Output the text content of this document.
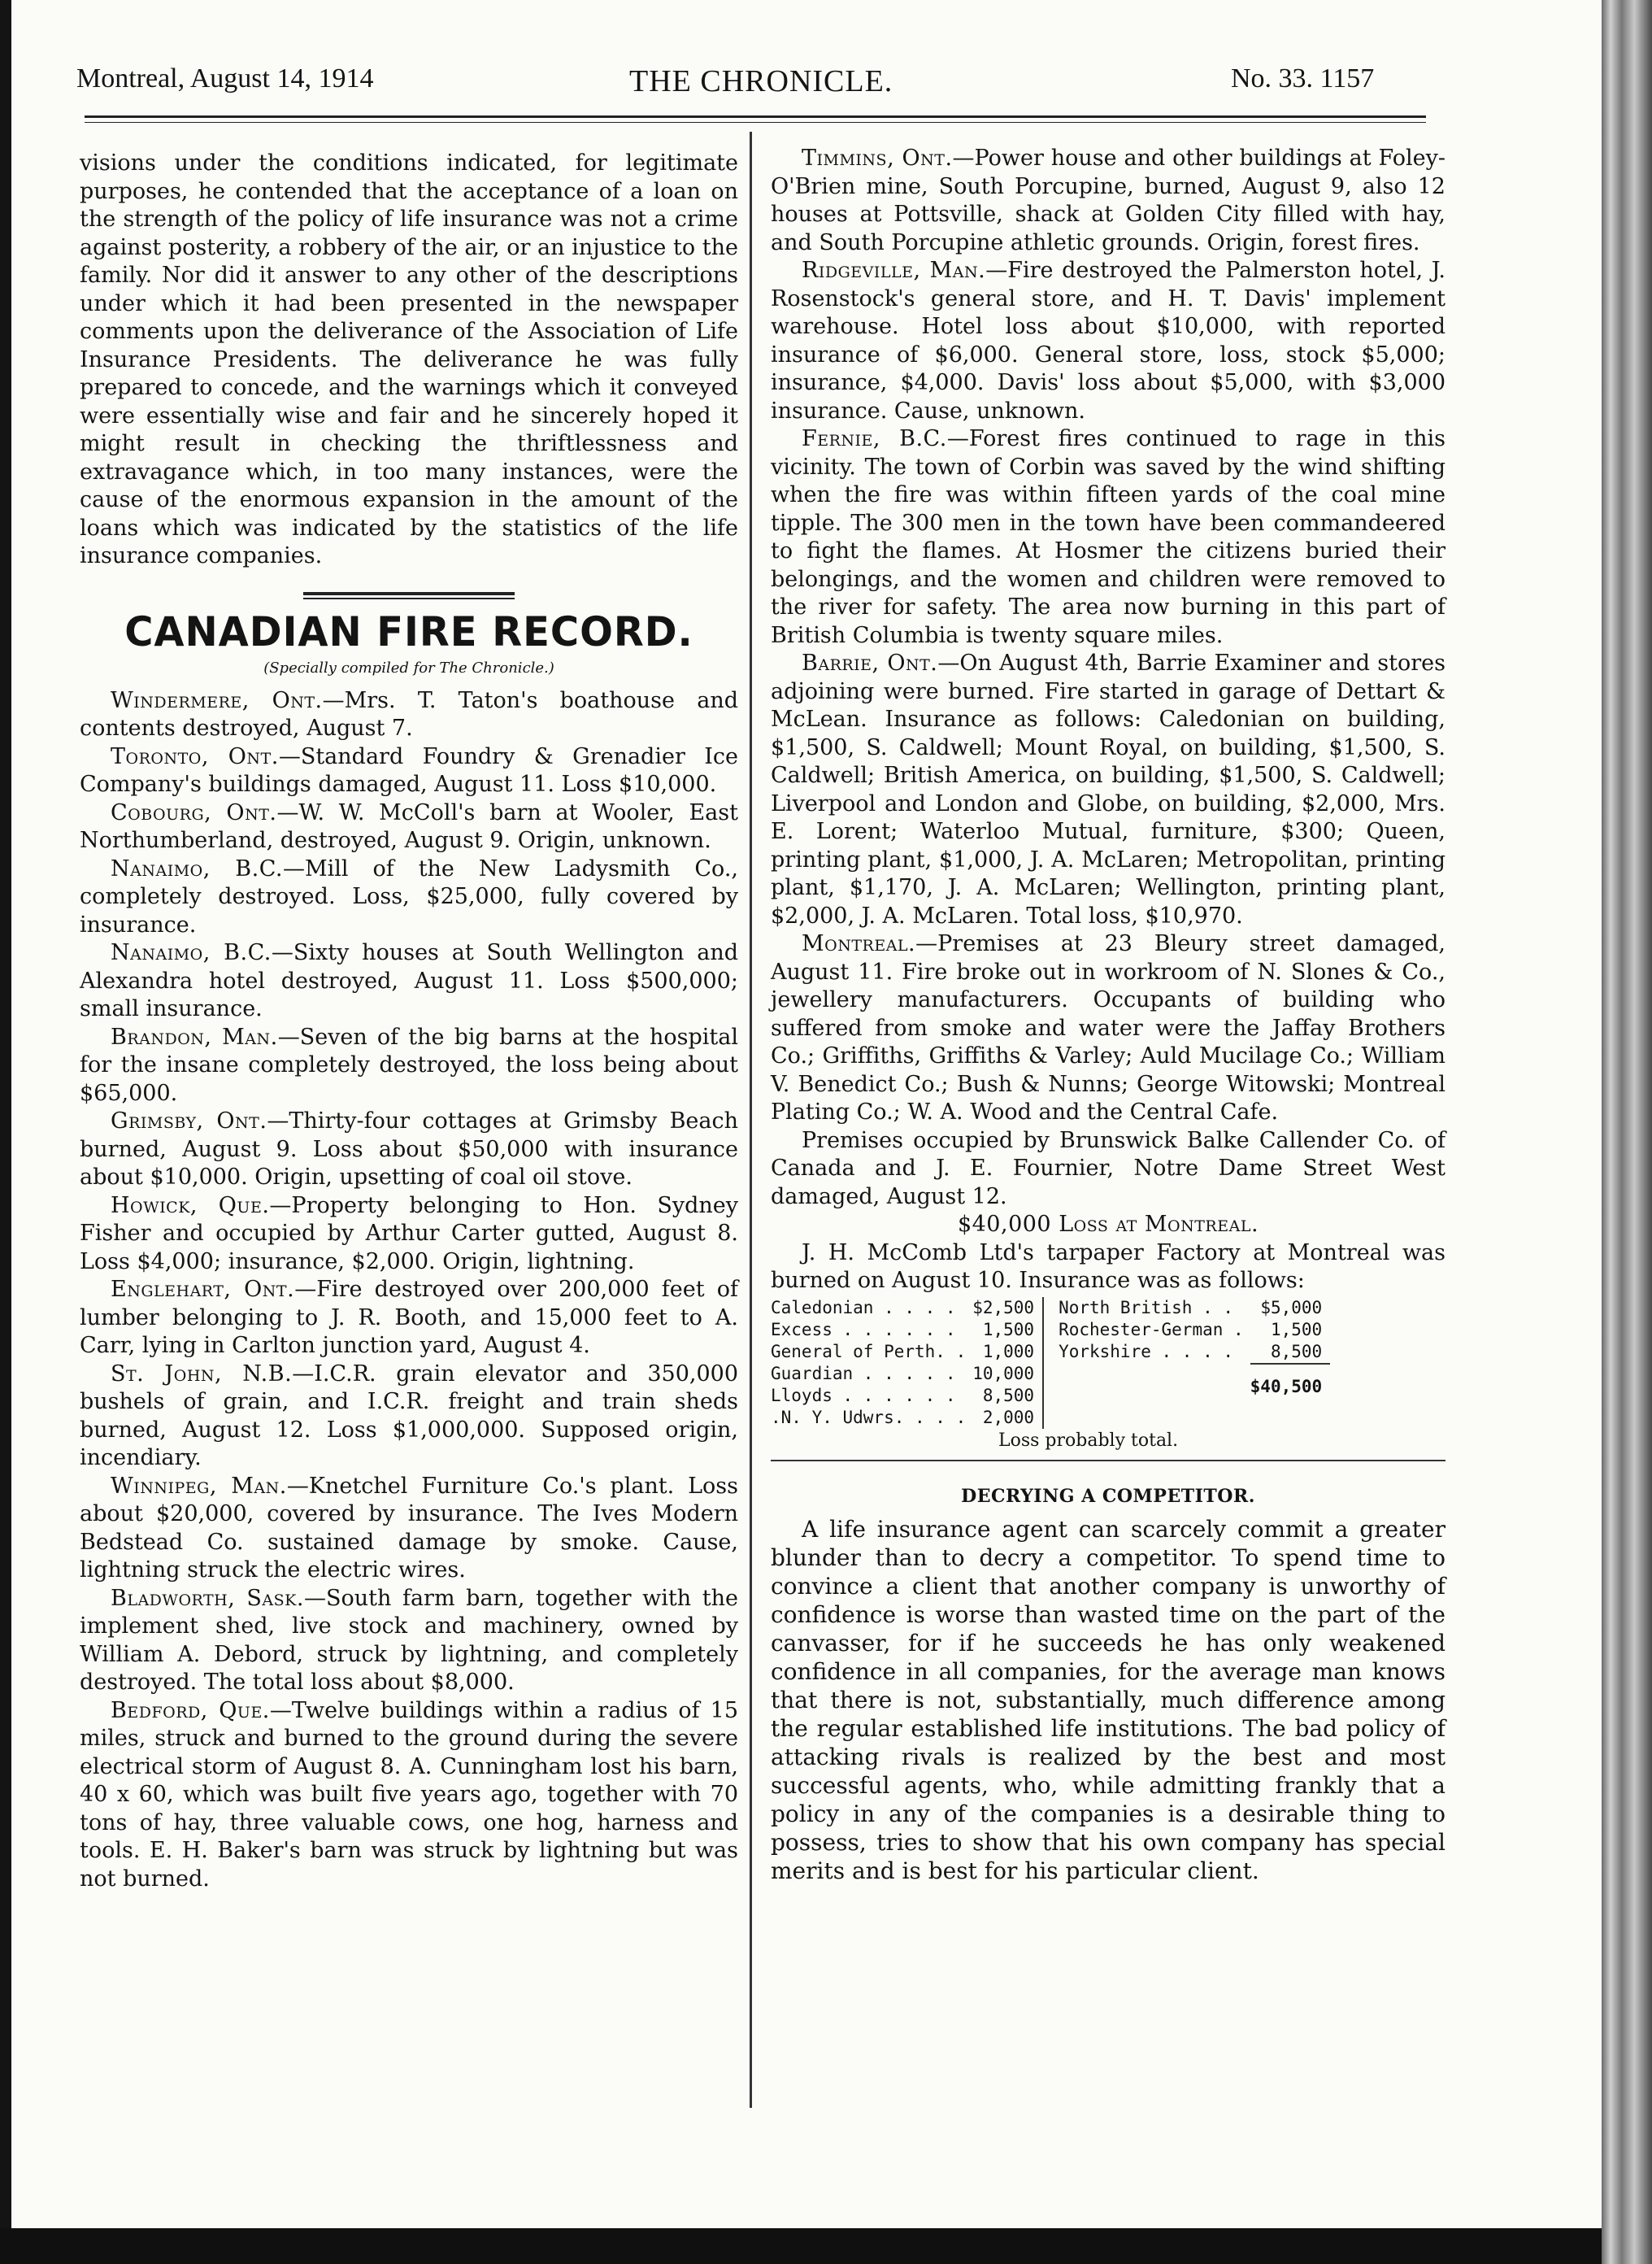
Montreal, August 14, 1914	THE CHRONICLE.	No. 33. 1157

visions under the conditions indicated, for legitimate purposes, he contended that the acceptance of a loan on the strength of the policy of life insurance was not a crime against posterity, a robbery of the air, or an injustice to the family. Nor did it answer to any other of the descriptions under which it had been presented in the newspaper comments upon the deliverance of the Association of Life Insurance Presidents. The deliverance he was fully prepared to concede, and the warnings which it conveyed were essentially wise and fair and he sincerely hoped it might result in checking the thriftlessness and extravagance which, in too many instances, were the cause of the enormous expansion in the amount of the loans which was indicated by the statistics of the life insurance companies.

CANADIAN FIRE RECORD.
(Specially compiled for The Chronicle.)

Windermere, Ont.—Mrs. T. Taton's boathouse and contents destroyed, August 7.

Toronto, Ont.—Standard Foundry & Grenadier Ice Company's buildings damaged, August 11. Loss $10,000.

Cobourg, Ont.—W. W. McColl's barn at Wooler, East Northumberland, destroyed, August 9. Origin, unknown.

Nanaimo, B.C.—Mill of the New Ladysmith Co., completely destroyed. Loss, $25,000, fully covered by insurance.

Nanaimo, B.C.—Sixty houses at South Wellington and Alexandra hotel destroyed, August 11. Loss $500,000; small insurance.

Brandon, Man.—Seven of the big barns at the hospital for the insane completely destroyed, the loss being about $65,000.

Grimsby, Ont.—Thirty-four cottages at Grimsby Beach burned, August 9. Loss about $50,000 with insurance about $10,000. Origin, upsetting of coal oil stove.

Howick, Que.—Property belonging to Hon. Sydney Fisher and occupied by Arthur Carter gutted, August 8. Loss $4,000; insurance, $2,000. Origin, lightning.

Englehart, Ont.—Fire destroyed over 200,000 feet of lumber belonging to J. R. Booth, and 15,000 feet to A. Carr, lying in Carlton junction yard, August 4.

St. John, N.B.—I.C.R. grain elevator and 350,000 bushels of grain, and I.C.R. freight and train sheds burned, August 12. Loss $1,000,000. Supposed origin, incendiary.

Winnipeg, Man.—Knetchel Furniture Co.'s plant. Loss about $20,000, covered by insurance. The Ives Modern Bedstead Co. sustained damage by smoke. Cause, lightning struck the electric wires.

Bladworth, Sask.—South farm barn, together with the implement shed, live stock and machinery, owned by William A. Debord, struck by lightning, and completely destroyed. The total loss about $8,000.

Bedford, Que.—Twelve buildings within a radius of 15 miles, struck and burned to the ground during the severe electrical storm of August 8. A. Cunningham lost his barn, 40 x 60, which was built five years ago, together with 70 tons of hay, three valuable cows, one hog, harness and tools. E. H. Baker's barn was struck by lightning but was not burned.

Timmins, Ont.—Power house and other buildings at Foley-O'Brien mine, South Porcupine, burned, August 9, also 12 houses at Pottsville, shack at Golden City filled with hay, and South Porcupine athletic grounds. Origin, forest fires.

Ridgeville, Man.—Fire destroyed the Palmerston hotel, J. Rosenstock's general store, and H. T. Davis' implement warehouse. Hotel loss about $10,000, with reported insurance of $6,000. General store, loss, stock $5,000; insurance, $4,000. Davis' loss about $5,000, with $3,000 insurance. Cause, unknown.

Fernie, B.C.—Forest fires continued to rage in this vicinity. The town of Corbin was saved by the wind shifting when the fire was within fifteen yards of the coal mine tipple. The 300 men in the town have been commandeered to fight the flames. At Hosmer the citizens buried their belongings, and the women and children were removed to the river for safety. The area now burning in this part of British Columbia is twenty square miles.

Barrie, Ont.—On August 4th, Barrie Examiner and stores adjoining were burned. Fire started in garage of Dettart & McLean. Insurance as follows: Caledonian on building, $1,500, S. Caldwell; Mount Royal, on building, $1,500, S. Caldwell; British America, on building, $1,500, S. Caldwell; Liverpool and London and Globe, on building, $2,000, Mrs. E. Lorent; Waterloo Mutual, furniture, $300; Queen, printing plant, $1,000, J. A. McLaren; Metropolitan, printing plant, $1,170, J. A. McLaren; Wellington, printing plant, $2,000, J. A. McLaren. Total loss, $10,970.

Montreal.—Premises at 23 Bleury street damaged, August 11. Fire broke out in workroom of N. Slones & Co., jewellery manufacturers. Occupants of building who suffered from smoke and water were the Jaffay Brothers Co.; Griffiths, Griffiths & Varley; Auld Mucilage Co.; William V. Benedict Co.; Bush & Nunns; George Witowski; Montreal Plating Co.; W. A. Wood and the Central Cafe.

Premises occupied by Brunswick Balke Callender Co. of Canada and J. E. Fournier, Notre Dame Street West damaged, August 12.

$40,000 Loss at Montreal.

J. H. McComb Ltd's tarpaper Factory at Montreal was burned on August 10. Insurance was as follows:

Caledonian . . . .	$2,500
Excess . . . . . .	1,500
General of Perth. .	1,000
Guardian . . . . .	10,000
Lloyds . . . . . .	8,500
.N. Y. Udwrs. . . .	2,000
North British . .	$5,000
Rochester-German .	1,500
Yorkshire . . . .	8,500
	$40,500
Loss probably total.
DECRYING A COMPETITOR.

A life insurance agent can scarcely commit a greater blunder than to decry a competitor. To spend time to convince a client that another company is unworthy of confidence is worse than wasted time on the part of the canvasser, for if he succeeds he has only weakened confidence in all companies, for the average man knows that there is not, substantially, much difference among the regular established life institutions. The bad policy of attacking rivals is realized by the best and most successful agents, who, while admitting frankly that a policy in any of the companies is a desirable thing to possess, tries to show that his own company has special merits and is best for his particular client.
